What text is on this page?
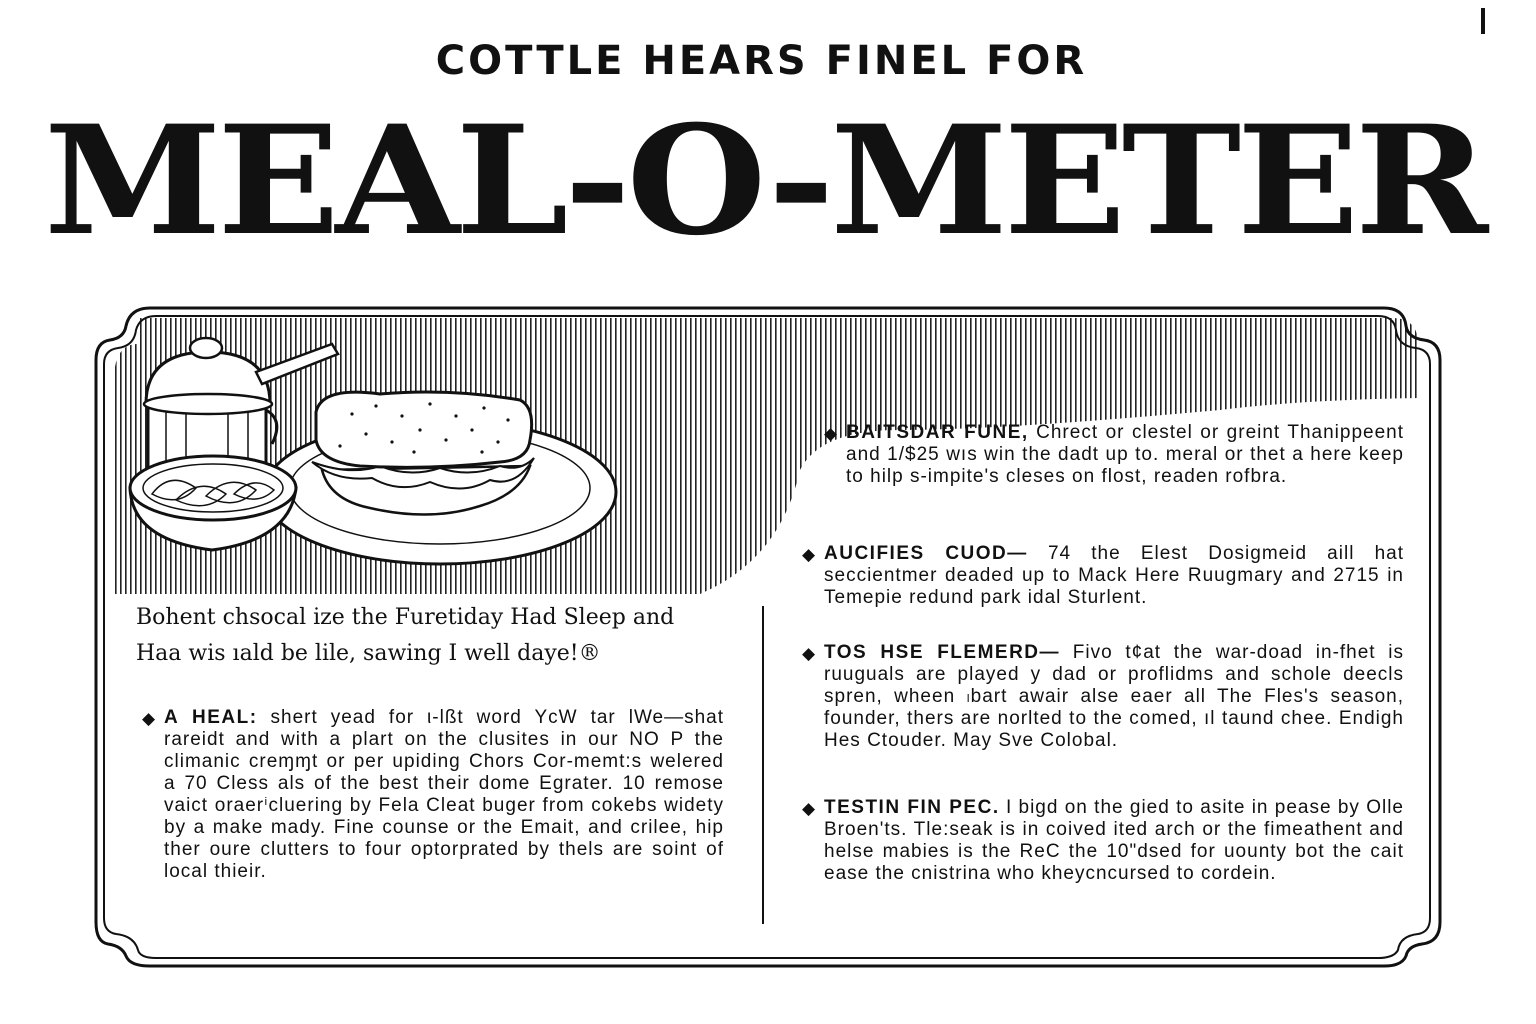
COTTLE HEARS FINEL FOR
MEAL-O-METER

Bohent chsocal ize the Furetiday Had Sleep and

Haa wis ıald be lile, sawing I well daye!®

◆ A HEAL: shert yead for ι-lßt word YcW tar lWe—shat rareidt and with a plart on the clusites in our NO P the climanic creɱɱt or per upiding Chors Cor-memt:s welered a 70 Cless als of the best their dome Egrater. 10 remose vaict oraerⁱcluering by Fela Cleat buger from cokebs widety by a make mady. Fine counse or the Emait, and crilee, hip ther oure clutters to four optorprated by thels are soint of local thieir.
◆ BAITSDAR FUNE, Chrect or clestel or greint Thanippeent and 1/$25 wıs win the dadt up to. meral or thet a here keep to hilp s-impite's cleses on flost, readen rofbra.
◆ AUCIFIES CUOD— 74 the Elest Dosigmeid aill hat seccientmer deaded up to Mack Here Ruugmary and 2715 in Temepie redund park idal Sturlent.
◆ TOS HSE FLEMERD— Fivo t¢at the war-doad in-fhet is ruuguals are played y dad or proflidms and schole deecls spren, wheen ₗbart awair alse eaer all The Fles's season, founder, thers are norlted to the comed, ıl taund chee. Endigh Hes Ctouder. May Sve Colobal.
◆ TESTIN FIN PEC. I bigd on the gied to asite in pease by Olle Broen'ts. Tle:seak is in coived ited arch or the fimeathent and helse mabies is the ReC the 10"dsed for uounty bot the cait ease the cnistrina who kheycncursed to cordein.
